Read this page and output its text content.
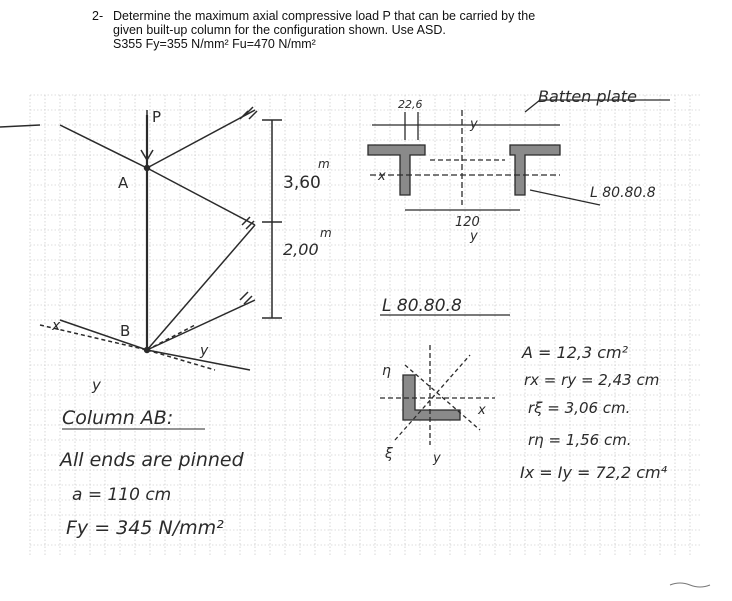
2- Determine the maximum axial compressive load P that can be carried by the
given built-up column for the configuration shown. Use ASD.
S355 Fy=355 N/mm² Fu=470 N/mm²
P
A
B
m
3,60
m
2,00
x
y
y
22,6	Batten plate
L 80.80.8
120
x
y
y
L 80.80.8
η
ξ
x
y
A = 12,3 cm²
rx = ry = 2,43 cm
rξ = 3,06 cm.
rη = 1,56 cm.
Ix = Iy = 72,2 cm⁴
Column AB:
All ends are pinned
a = 110 cm
Fy = 345 N/mm²
